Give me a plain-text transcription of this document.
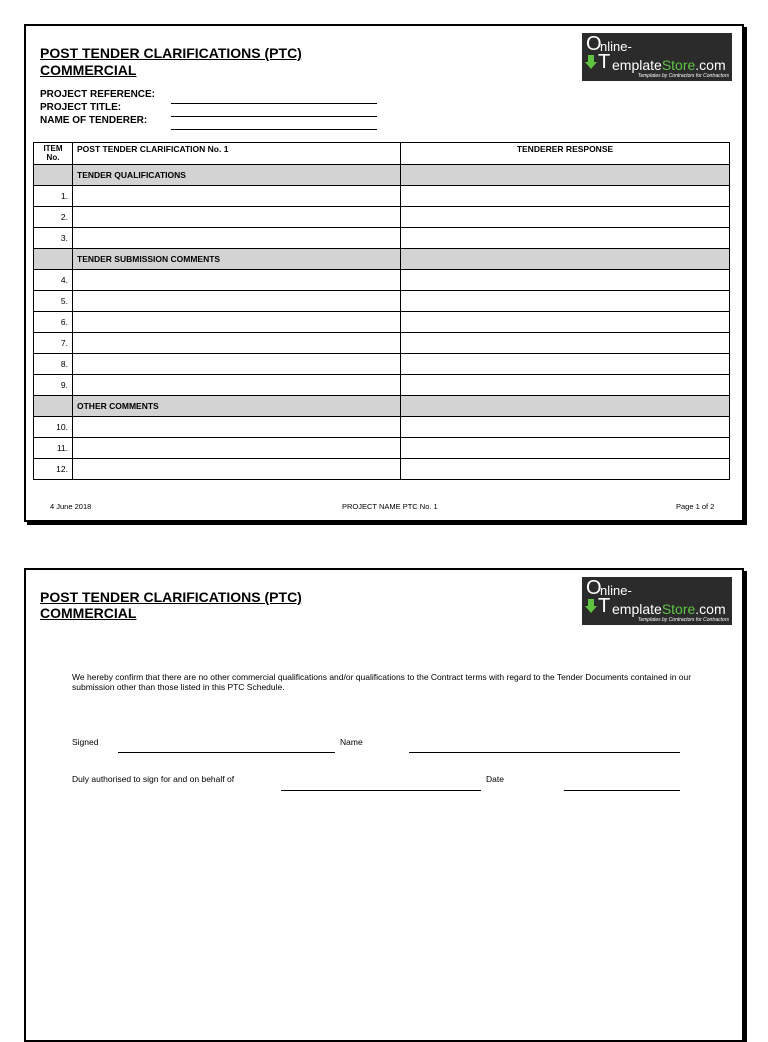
POST TENDER CLARIFICATIONS (PTC)
COMMERCIAL
O
nline-
T emplateStore.com
Templates by Contractors for Contractors
PROJECT REFERENCE:
PROJECT TITLE:
NAME OF TENDERER:
ITEM No.	POST TENDER CLARIFICATION No. 1	TENDERER RESPONSE
	TENDER QUALIFICATIONS	
1.		
2.		
3.		
	TENDER SUBMISSION COMMENTS	
4.		
5.		
6.		
7.		
8.		
9.		
	OTHER COMMENTS	
10.		
11.		
12.		
4 June 2018	PROJECT NAME PTC No. 1	Page 1 of 2
POST TENDER CLARIFICATIONS (PTC)
COMMERCIAL
O
nline-
T emplateStore.com
Templates by Contractors for Contractors
We hereby confirm that there are no other commercial qualifications and/or qualifications to the Contract terms with regard to the Tender Documents contained in our submission other than those listed in this PTC Schedule.
Signed	Name
Duly authorised to sign for and on behalf of	Date
